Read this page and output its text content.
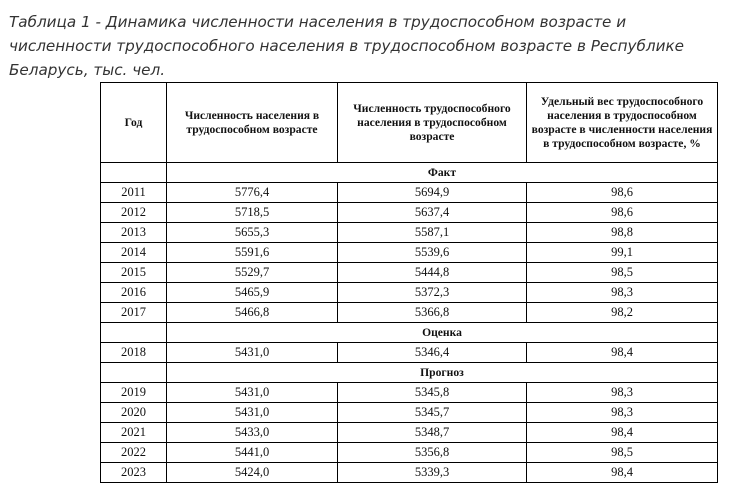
Таблица 1 - Динамика численности населения в трудоспособном возрасте и численности трудоспособного населения в трудоспособном возрасте в Республике Беларусь, тыс. чел.

Год	Численность населения в трудоспособном возрасте	Численность трудоспособного населения в трудоспособном возрасте	Удельный вес трудоспособного населения в трудоспособном возрасте в численности населения в трудоспособном возрасте, %
	Факт		
2011	5776,4	5694,9	98,6
2012	5718,5	5637,4	98,6
2013	5655,3	5587,1	98,8
2014	5591,6	5539,6	99,1
2015	5529,7	5444,8	98,5
2016	5465,9	5372,3	98,3
2017	5466,8	5366,8	98,2
	Оценка		
2018	5431,0	5346,4	98,4
	Прогноз		
2019	5431,0	5345,8	98,3
2020	5431,0	5345,7	98,3
2021	5433,0	5348,7	98,4
2022	5441,0	5356,8	98,5
2023	5424,0	5339,3	98,4
